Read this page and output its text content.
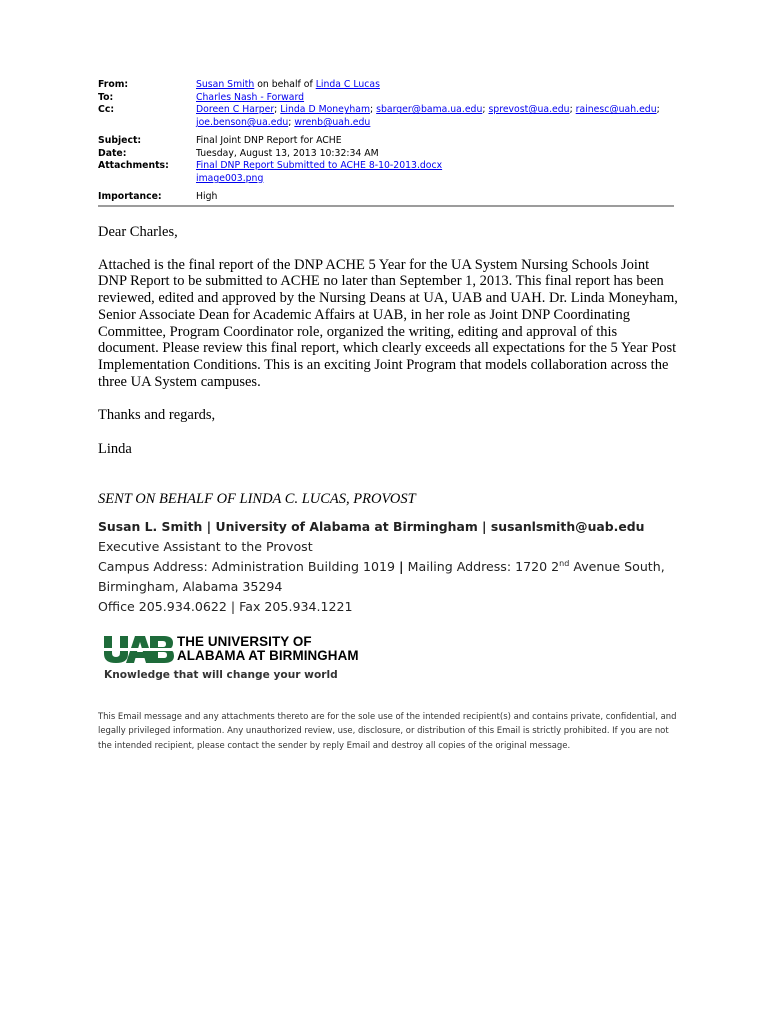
From:	Susan Smith on behalf of Linda C Lucas
To:	Charles Nash - Forward
Cc:	Doreen C Harper; Linda D Moneyham; sbarger@bama.ua.edu; sprevost@ua.edu; rainesc@uah.edu;
joe.benson@ua.edu; wrenb@uah.edu
Subject:	Final Joint DNP Report for ACHE
Date:	Tuesday, August 13, 2013 10:32:34 AM
Attachments:	Final DNP Report Submitted to ACHE 8-10-2013.docx
image003.png
Importance:	High

Dear Charles,

Attached is the final report of the DNP ACHE 5 Year for the UA System Nursing Schools Joint DNP Report to be submitted to ACHE no later than September 1, 2013. This final report has been reviewed, edited and approved by the Nursing Deans at UA, UAB and UAH. Dr. Linda Moneyham, Senior Associate Dean for Academic Affairs at UAB, in her role as Joint DNP Coordinating Committee, Program Coordinator role, organized the writing, editing and approval of this document. Please review this final report, which clearly exceeds all expectations for the 5 Year Post Implementation Conditions. This is an exciting Joint Program that models collaboration across the three UA System campuses.

Thanks and regards,

Linda

SENT ON BEHALF OF LINDA C. LUCAS, PROVOST

Susan L. Smith | University of Alabama at Birmingham | susanlsmith@uab.edu
Executive Assistant to the Provost
Campus Address: Administration Building 1019 | Mailing Address: 1720 2nd Avenue South,
Birmingham, Alabama 35294
Office 205.934.0622 | Fax 205.934.1221
THE UNIVERSITY OF
ALABAMA AT BIRMINGHAM
Knowledge that will change your world
This Email message and any attachments thereto are for the sole use of the intended recipient(s) and contains private, confidential, and legally privileged information. Any unauthorized review, use, disclosure, or distribution of this Email is strictly prohibited. If you are not the intended recipient, please contact the sender by reply Email and destroy all copies of the original message.
